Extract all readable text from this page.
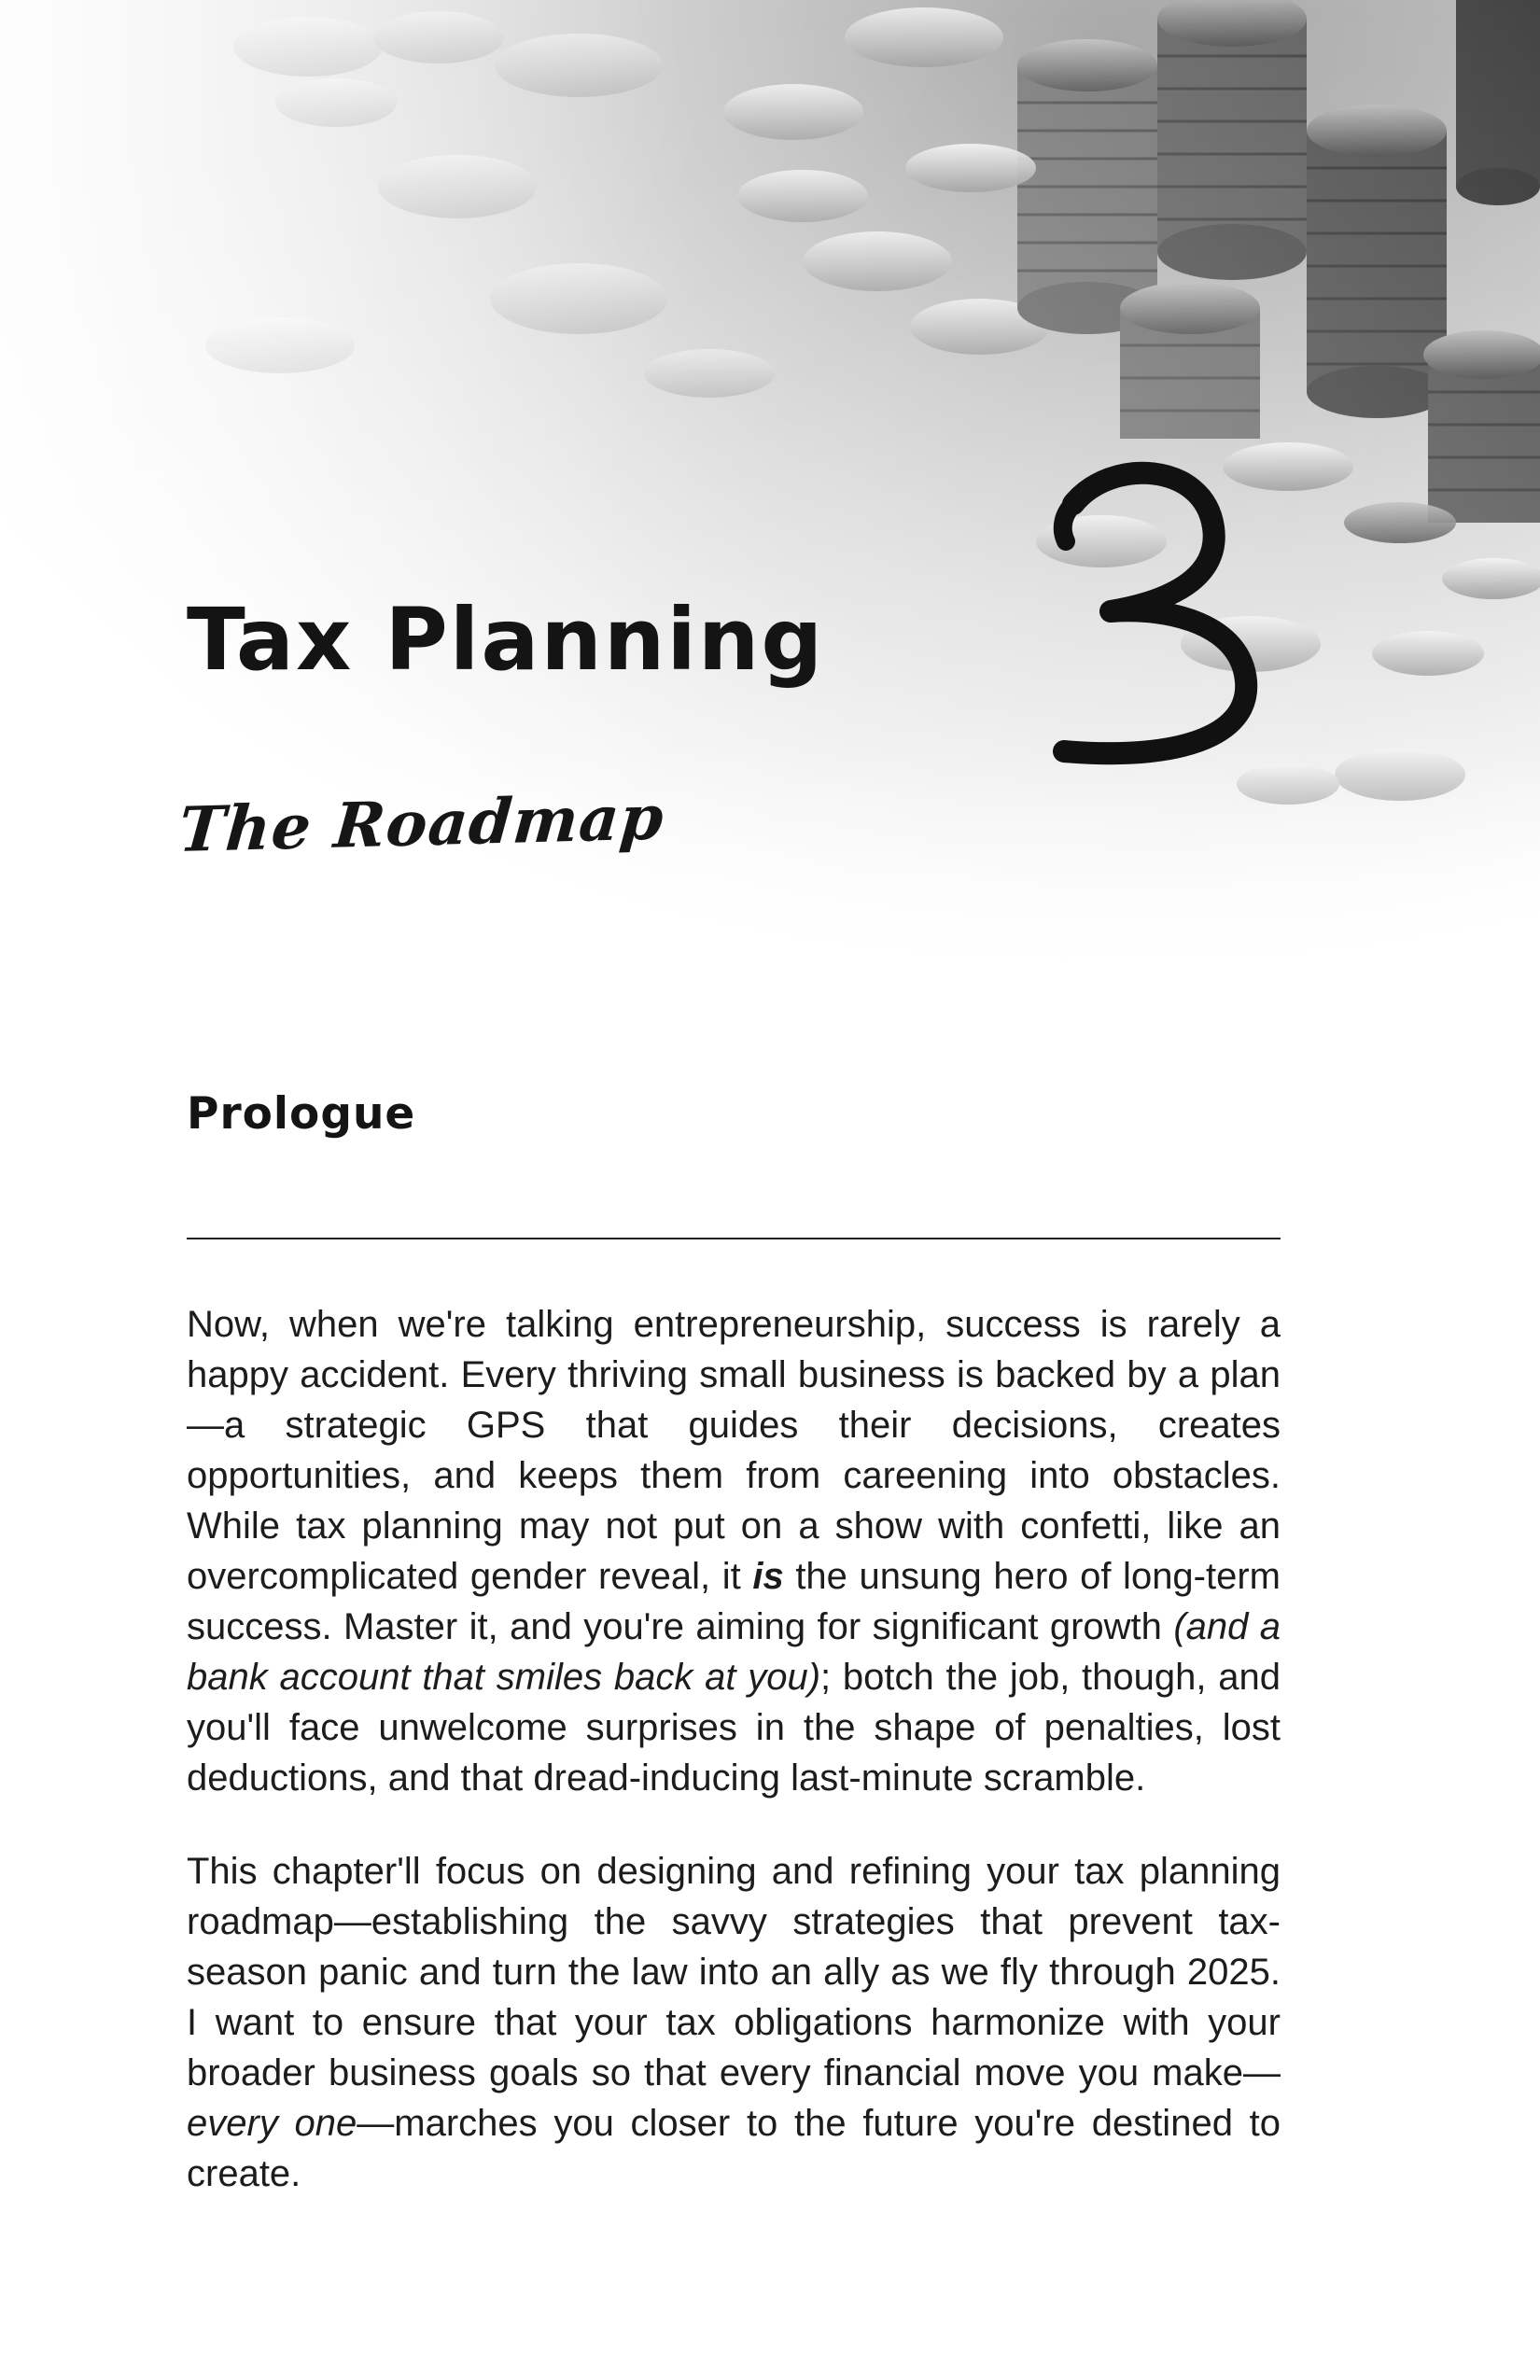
Tax Planning
The Roadmap
Prologue

Now, when we're talking entrepreneurship, success is rarely a happy accident. Every thriving small business is backed by a plan—a strategic GPS that guides their decisions, creates opportunities, and keeps them from careening into obstacles. While tax planning may not put on a show with confetti, like an overcomplicated gender reveal, it is the unsung hero of long-term success. Master it, and you're aiming for significant growth (and a bank account that smiles back at you); botch the job, though, and you'll face unwelcome surprises in the shape of penalties, lost deductions, and that dread-inducing last-minute scramble.

This chapter'll focus on designing and refining your tax planning roadmap—establishing the savvy strategies that prevent tax-season panic and turn the law into an ally as we fly through 2025. I want to ensure that your tax obligations harmonize with your broader business goals so that every financial move you make—every one—marches you closer to the future you're destined to create.
